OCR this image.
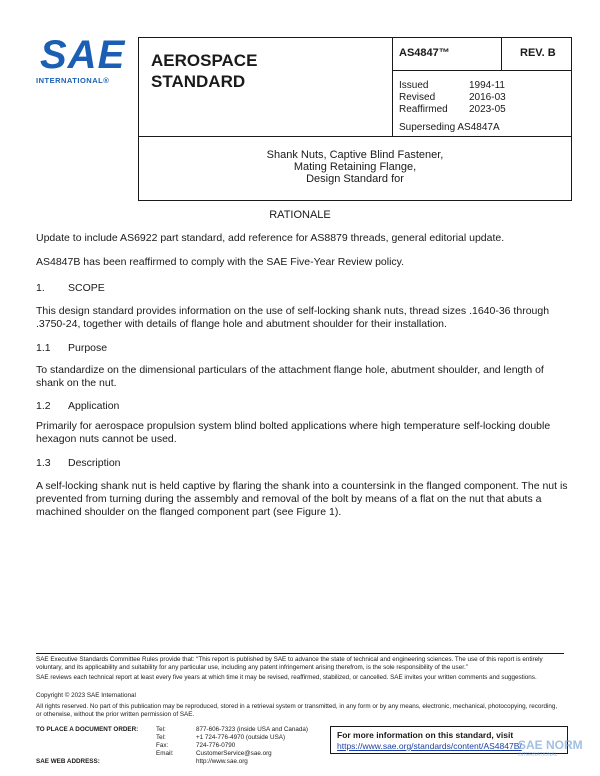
SAE
INTERNATIONAL®
AEROSPACE
STANDARD
AS4847™	REV. B
Issued	1994-11
Revised	2016-03
Reaffirmed	2023-05
Superseding AS4847A
Shank Nuts, Captive Blind Fastener,
Mating Retaining Flange,
Design Standard for
RATIONALE
Update to include AS6922 part standard, add reference for AS8879 threads, general editorial update.
AS4847B has been reaffirmed to comply with the SAE Five-Year Review policy.
1. SCOPE
This design standard provides information on the use of self-locking shank nuts, thread sizes .1640-36 through .3750-24, together with details of flange hole and abutment shoulder for their installation.
1.1 Purpose
To standardize on the dimensional particulars of the attachment flange hole, abutment shoulder, and length of shank on the nut.
1.2 Application
Primarily for aerospace propulsion system blind bolted applications where high temperature self-locking double hexagon nuts cannot be used.
1.3 Description
A self-locking shank nut is held captive by flaring the shank into a countersink in the flanged component. The nut is prevented from turning during the assembly and removal of the bolt by means of a flat on the nut that abuts a machined shoulder on the flanged component part (see Figure 1).
SAE Executive Standards Committee Rules provide that: “This report is published by SAE to advance the state of technical and engineering sciences. The use of this report is entirely voluntary, and its applicability and suitability for any particular use, including any patent infringement arising therefrom, is the sole responsibility of the user.”
SAE reviews each technical report at least every five years at which time it may be revised, reaffirmed, stabilized, or cancelled. SAE invites your written comments and suggestions.
Copyright © 2023 SAE International
All rights reserved. No part of this publication may be reproduced, stored in a retrieval system or transmitted, in any form or by any means, electronic, mechanical, photocopying, recording, or otherwise, without the prior written permission of SAE.
TO PLACE A DOCUMENT ORDER:
SAE WEB ADDRESS:
Tel:	877-606-7323 (inside USA and Canada)
Tel:	+1 724-776-4970 (outside USA)
Fax:	724-776-0790
Email:	CustomerService@sae.org
http://www.sae.org
For more information on this standard, visit
https://www.sae.org/standards/content/AS4847B/
SAE NORM
INTERNATIONAL
